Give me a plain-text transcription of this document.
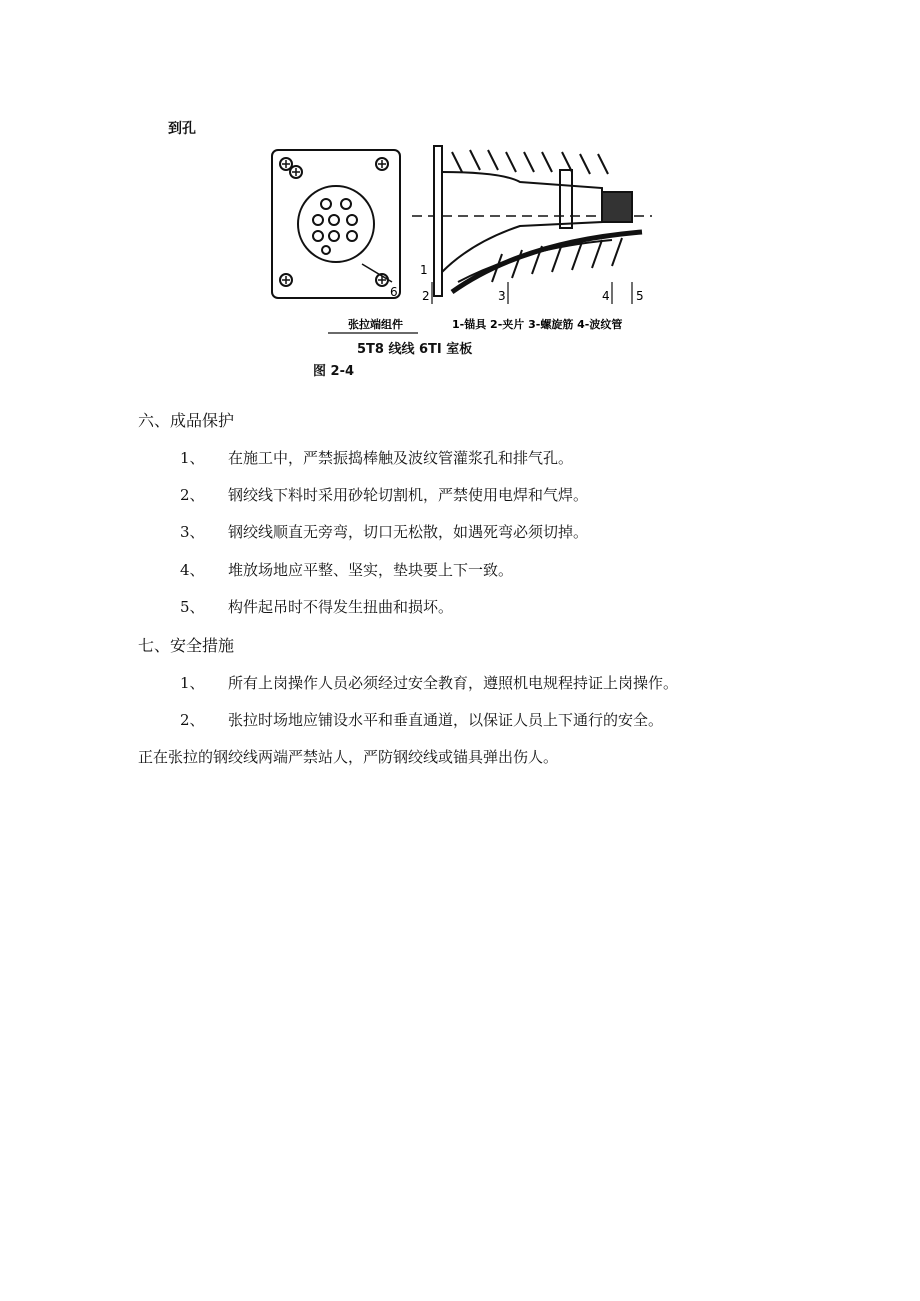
到孔
6
1
2	3	4 5
张拉端组件	1-锚具 2-夹片 3-螺旋筋 4-波纹管
5T8 线线 6TI 室板
图 2-4
六、成品保护
1、 在施工中，严禁振捣棒触及波纹管灌浆孔和排气孔。
2、 钢绞线下料时采用砂轮切割机，严禁使用电焊和气焊。
3、 钢绞线顺直无旁弯，切口无松散，如遇死弯必须切掉。
4、 堆放场地应平整、坚实，垫块要上下一致。
5、 构件起吊时不得发生扭曲和损坏。
七、安全措施
1、 所有上岗操作人员必须经过安全教育，遵照机电规程持证上岗操作。
2、 张拉时场地应铺设水平和垂直通道，以保证人员上下通行的安全。
正在张拉的钢绞线两端严禁站人，严防钢绞线或锚具弹出伤人。
